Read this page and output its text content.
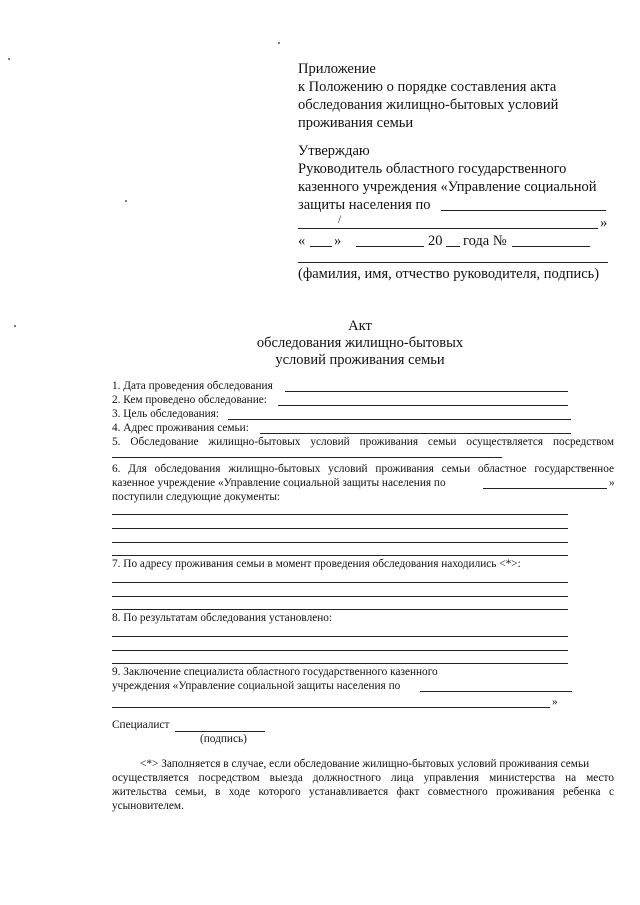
Приложение
к Положению о порядке составления акта
обследования жилищно-бытовых условий
проживания семьи
Утверждаю
Руководитель областного государственного
казенного учреждения «Управление социальной
защиты населения по
/	»
« »	20 года №
(фамилия, имя, отчество руководителя, подпись)
Акт
обследования жилищно-бытовых
условий проживания семьи
1. Дата проведения обследования
2. Кем проведено обследование:
3. Цель обследования:
4. Адрес проживания семьи:
5. Обследование жилищно-бытовых условий проживания семьи осуществляется посредством
6. Для обследования жилищно-бытовых условий проживания семьи областное государственное
казенное учреждение «Управление социальной защиты населения по	»
поступили следующие документы:
7. По адресу проживания семьи в момент проведения обследования находились <*>:
8. По результатам обследования установлено:
9. Заключение специалиста областного государственного казенного
учреждения «Управление социальной защиты населения по
»
Специалист
(подпись)
<*> Заполняется в случае, если обследование жилищно-бытовых условий проживания семьи
осуществляется посредством выезда должностного лица управления министерства на место
жительства семьи, в ходе которого устанавливается факт совместного проживания ребенка с
усыновителем.
